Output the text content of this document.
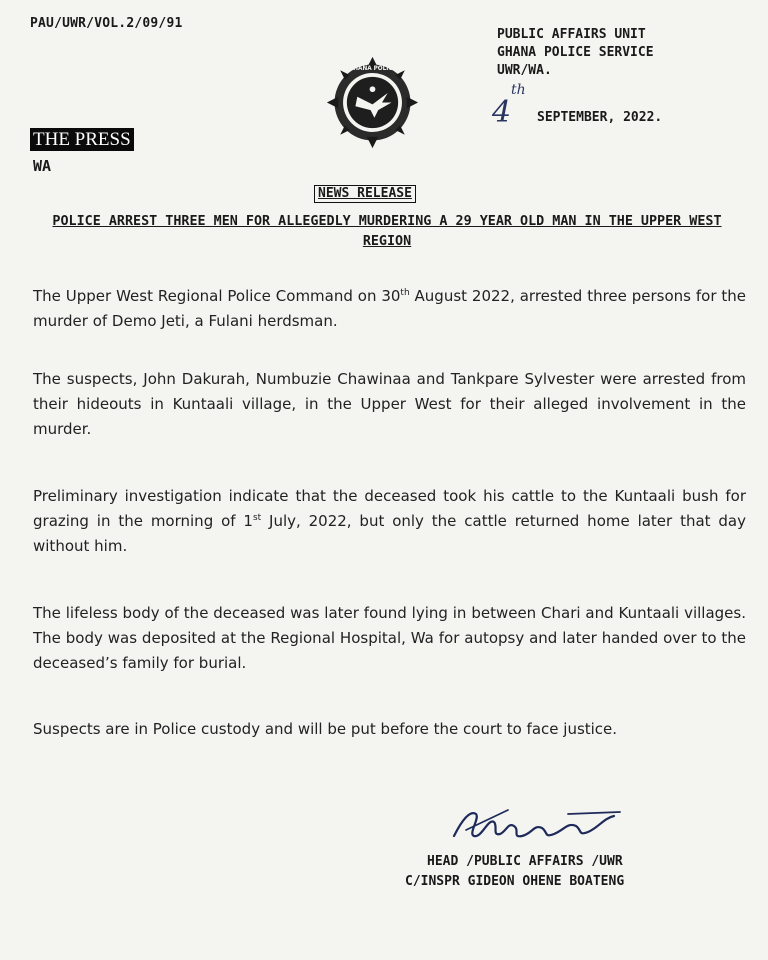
PAU/UWR/VOL.2/09/91
PUBLIC AFFAIRS UNIT
GHANA POLICE SERVICE
UWR/WA.
GHANA POLICE
th
4 SEPTEMBER, 2022.
THE PRESS
WA
NEWS RELEASE
POLICE ARREST THREE MEN FOR ALLEGEDLY MURDERING A 29 YEAR OLD MAN IN THE UPPER WEST REGION
The Upper West Regional Police Command on 30th August 2022, arrested three persons for the murder of Demo Jeti, a Fulani herdsman.
The suspects, John Dakurah, Numbuzie Chawinaa and Tankpare Sylvester were arrested from their hideouts in Kuntaali village, in the Upper West for their alleged involvement in the murder.
Preliminary investigation indicate that the deceased took his cattle to the Kuntaali bush for grazing in the morning of 1st July, 2022, but only the cattle returned home later that day without him.
The lifeless body of the deceased was later found lying in between Chari and Kuntaali villages. The body was deposited at the Regional Hospital, Wa for autopsy and later handed over to the deceased’s family for burial.
Suspects are in Police custody and will be put before the court to face justice.
HEAD /PUBLIC AFFAIRS /UWR
C/INSPR GIDEON OHENE BOATENG
